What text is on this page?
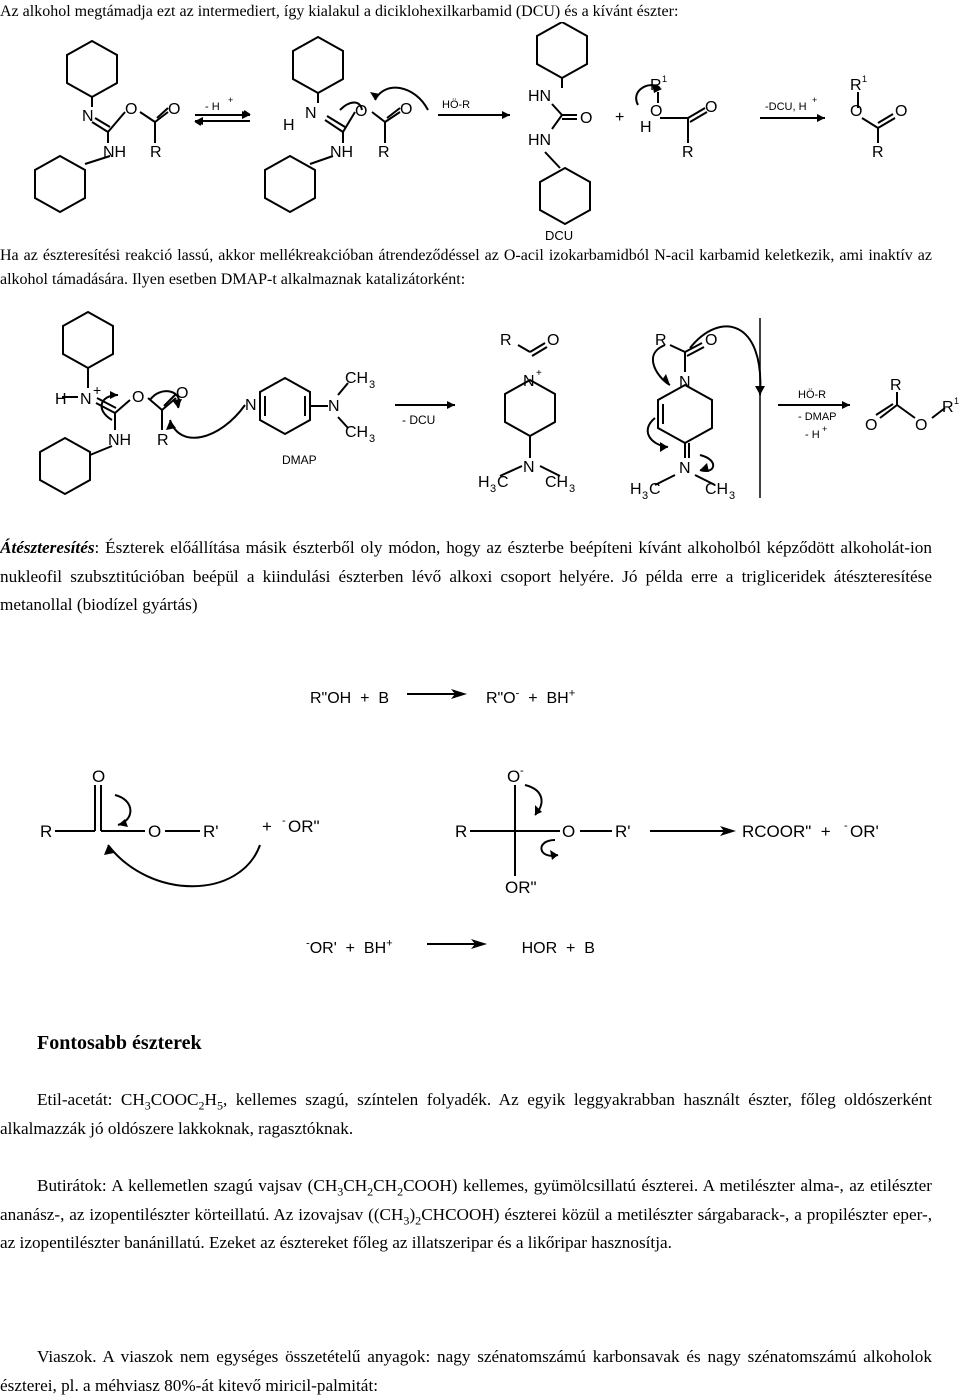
Az alkohol megtámadja ezt az intermediert, így kialakul a diciklohexilkarbamid (DCU) és a kívánt észter:

N O O
NH R
- H
+
N
H
O O
NH R
HÖ-R	HN
O
HN
DCU
+
R 1
O
H
O
R
-DCU, H
+
R 1
O O
R

Ha az észteresítési reakció lassú, akkor mellékreakcióban átrendeződéssel az O-acil izokarbamidból N-acil karbamid keletkezik, ami inaktív az alkohol támadására. Ilyen esetben DMAP-t alkalmaznak katalizátorként:

H N
+ O O
NH R
N	N
CH 3
CH 3
DMAP
- DCU
R O
N +
N
H 3 C CH 3
R O
N
N
H 3 C	CH 3
HÖ-R
- DMAP
- H +
R
O O
R 1

Átészteresítés: Észterek előállítása másik észterből oly módon, hogy az észterbe beépíteni kívánt alkoholból képződött alkoholát-ion nukleofil szubsztitúcióban beépül a kiindulási észterben lévő alkoxi csoport helyére. Jó példa erre a trigliceridek átészteresítése metanollal (biodízel gyártás)

R"OH  +  B	R"O-  +  BH+
R
O
O R'	+ - OR"	R
O -
O R'
OR"
RCOOR"  + - OR'
-OR'  +  BH+	HOR  +  B
Fontosabb észterek

Etil-acetát: $CH_3COOC_2H_5$, kellemes szagú, színtelen folyadék. Az egyik leggyakrabban használt észter, főleg oldószerként alkalmazzák jó oldószere lakkoknak, ragasztóknak.

Butirátok: A kellemetlen szagú vajsav $(CH_3CH_2CH_2COOH)$ kellemes, gyümölcsillatú észterei. A metilészter alma-, az etilészter ananász-, az izopentilészter körteillatú. Az izovajsav $((CH_3)_2CHCOOH)$ észterei közül a metilészter sárgabarack-, a propilészter eper-, az izopentilészter banánillatú. Ezeket az észtereket főleg az illatszeripar és a likőripar hasznosítja.

Viaszok. A viaszok nem egységes összetételű anyagok: nagy szénatomszámú karbonsavak és nagy szénatomszámú alkoholok észterei, pl. a méhviasz 80%-át kitevő miricil-palmitát:
